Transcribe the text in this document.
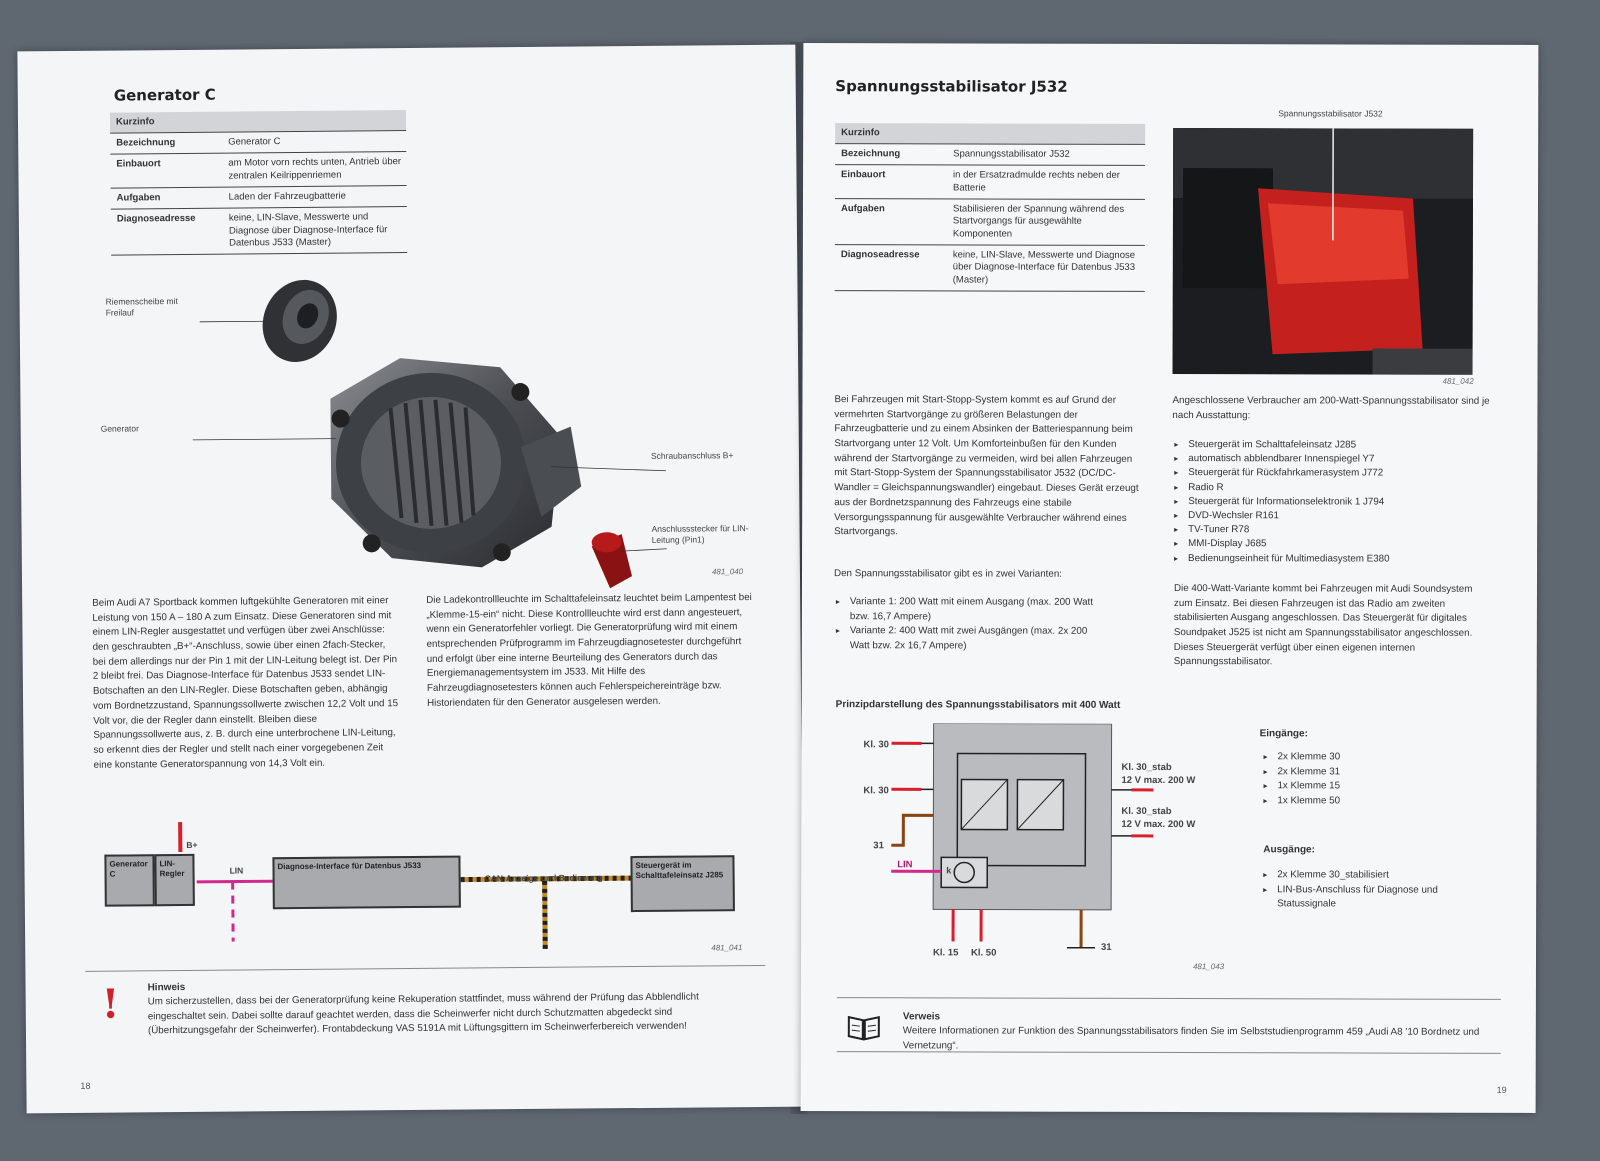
Generator C
Kurzinfo
Bezeichnung	Generator C
Einbauort	am Motor vorn rechts unten, Antrieb über zentralen Keilrippenriemen
Aufgaben	Laden der Fahrzeugbatterie
Diagnoseadresse	keine, LIN-Slave, Messwerte und Diagnose über Diagnose-Interface für Datenbus J533 (Master)
Riemenscheibe mit Freilauf
Generator
Schraubanschluss B+
Anschlussstecker für LIN-Leitung (Pin1)
481_040
Beim Audi A7 Sportback kommen luftgekühlte Generatoren mit einer Leistung von 150 A – 180 A zum Einsatz. Diese Generatoren sind mit einem LIN-Regler ausgestattet und verfügen über zwei Anschlüsse: den geschraubten „B+“-Anschluss, sowie über einen 2fach-Stecker, bei dem allerdings nur der Pin 1 mit der LIN-Leitung belegt ist. Der Pin 2 bleibt frei. Das Diagnose-Interface für Datenbus J533 sendet LIN-Botschaften an den LIN-Regler. Diese Botschaften geben, abhängig vom Bordnetzzustand, Spannungssollwerte zwischen 12,2 Volt und 15 Volt vor, die der Regler dann einstellt. Bleiben diese Spannungssollwerte aus, z. B. durch eine unterbrochene LIN-Leitung, so erkennt dies der Regler und stellt nach einer vorgegebenen Zeit eine konstante Generatorspannung von 14,3 Volt ein.
Die Ladekontrollleuchte im Schalttafeleinsatz leuchtet beim Lampentest bei „Klemme-15-ein“ nicht. Diese Kontrollleuchte wird erst dann angesteuert, wenn ein Generatorfehler vorliegt. Die Generatorprüfung wird mit einem entsprechenden Prüfprogramm im Fahrzeugdiagnosetester durchgeführt und erfolgt über eine interne Beurteilung des Generators durch das Energiemanagementsystem im J533. Mit Hilfe des Fahrzeugdiagnosetesters können auch Fehlerspeichereinträge bzw. Historiendaten für den Generator ausgelesen werden.
Generator C
LIN-Regler
B+
LIN	Diagnose-Interface für Datenbus J533
CAN-Anzeige und Bedienung
Steuergerät im Schalttafeleinsatz J285
481_041
!	Hinweis
Um sicherzustellen, dass bei der Generatorprüfung keine Rekuperation stattfindet, muss während der Prüfung das Abblendlicht eingeschaltet sein. Dabei sollte darauf geachtet werden, dass die Scheinwerfer nicht durch Schutzmatten abgedeckt sind (Überhitzungsgefahr der Scheinwerfer). Frontabdeckung VAS 5191A mit Lüftungsgittern im Scheinwerferbereich verwenden!
18
Spannungsstabilisator J532
Kurzinfo
Bezeichnung	Spannungsstabilisator J532
Einbauort	in der Ersatzradmulde rechts neben der Batterie
Aufgaben	Stabilisieren der Spannung während des Startvorgangs für ausgewählte Komponenten
Diagnoseadresse	keine, LIN-Slave, Messwerte und Diagnose über Diagnose-Interface für Datenbus J533 (Master)
Spannungsstabilisator J532
481_042
Bei Fahrzeugen mit Start-Stopp-System kommt es auf Grund der vermehrten Startvorgänge zu größeren Belastungen der Fahrzeugbatterie und zu einem Absinken der Batteriespannung beim Startvorgang unter 12 Volt. Um Komforteinbußen für den Kunden während der Startvorgänge zu vermeiden, wird bei allen Fahrzeugen mit Start-Stopp-System der Spannungsstabilisator J532 (DC/DC-Wandler = Gleichspannungswandler) eingebaut. Dieses Gerät erzeugt aus der Bordnetzspannung des Fahrzeugs eine stabile Versorgungsspannung für ausgewählte Verbraucher während eines Startvorgangs.
Den Spannungsstabilisator gibt es in zwei Varianten:
▸ Variante 1: 200 Watt mit einem Ausgang (max. 200 Watt bzw. 16,7 Ampere)
▸ Variante 2: 400 Watt mit zwei Ausgängen (max. 2x 200 Watt bzw. 2x 16,7 Ampere)
Angeschlossene Verbraucher am 200-Watt-Spannungsstabilisator sind je nach Ausstattung:
▸ Steuergerät im Schalttafeleinsatz J285
▸ automatisch abblendbarer Innenspiegel Y7
▸ Steuergerät für Rückfahrkamerasystem J772
▸ Radio R
▸ Steuergerät für Informationselektronik 1 J794
▸ DVD-Wechsler R161
▸ TV-Tuner R78
▸ MMI-Display J685
▸ Bedienungseinheit für Multimediasystem E380
Die 400-Watt-Variante kommt bei Fahrzeugen mit Audi Soundsystem zum Einsatz. Bei diesen Fahrzeugen ist das Radio am zweiten stabilisierten Ausgang angeschlossen. Das Steuergerät für digitales Soundpaket J525 ist nicht am Spannungsstabilisator angeschlossen. Dieses Steuergerät verfügt über einen eigenen internen Spannungsstabilisator.
Prinzipdarstellung des Spannungsstabilisators mit 400 Watt
Kl. 30
Kl. 30
31
LIN
k
Kl. 30_stab
12 V max. 200 W
Kl. 30_stab
12 V max. 200 W
Kl. 15 Kl. 50
31
481_043
Eingänge:
▸ 2x Klemme 30
▸ 2x Klemme 31
▸ 1x Klemme 15
▸ 1x Klemme 50
Ausgänge:
▸ 2x Klemme 30_stabilisiert
▸ LIN-Bus-Anschluss für Diagnose und Statussignale
Verweis
Weitere Informationen zur Funktion des Spannungsstabilisators finden Sie im Selbststudienprogramm 459 „Audi A8 ’10 Bordnetz und Vernetzung“.
19
